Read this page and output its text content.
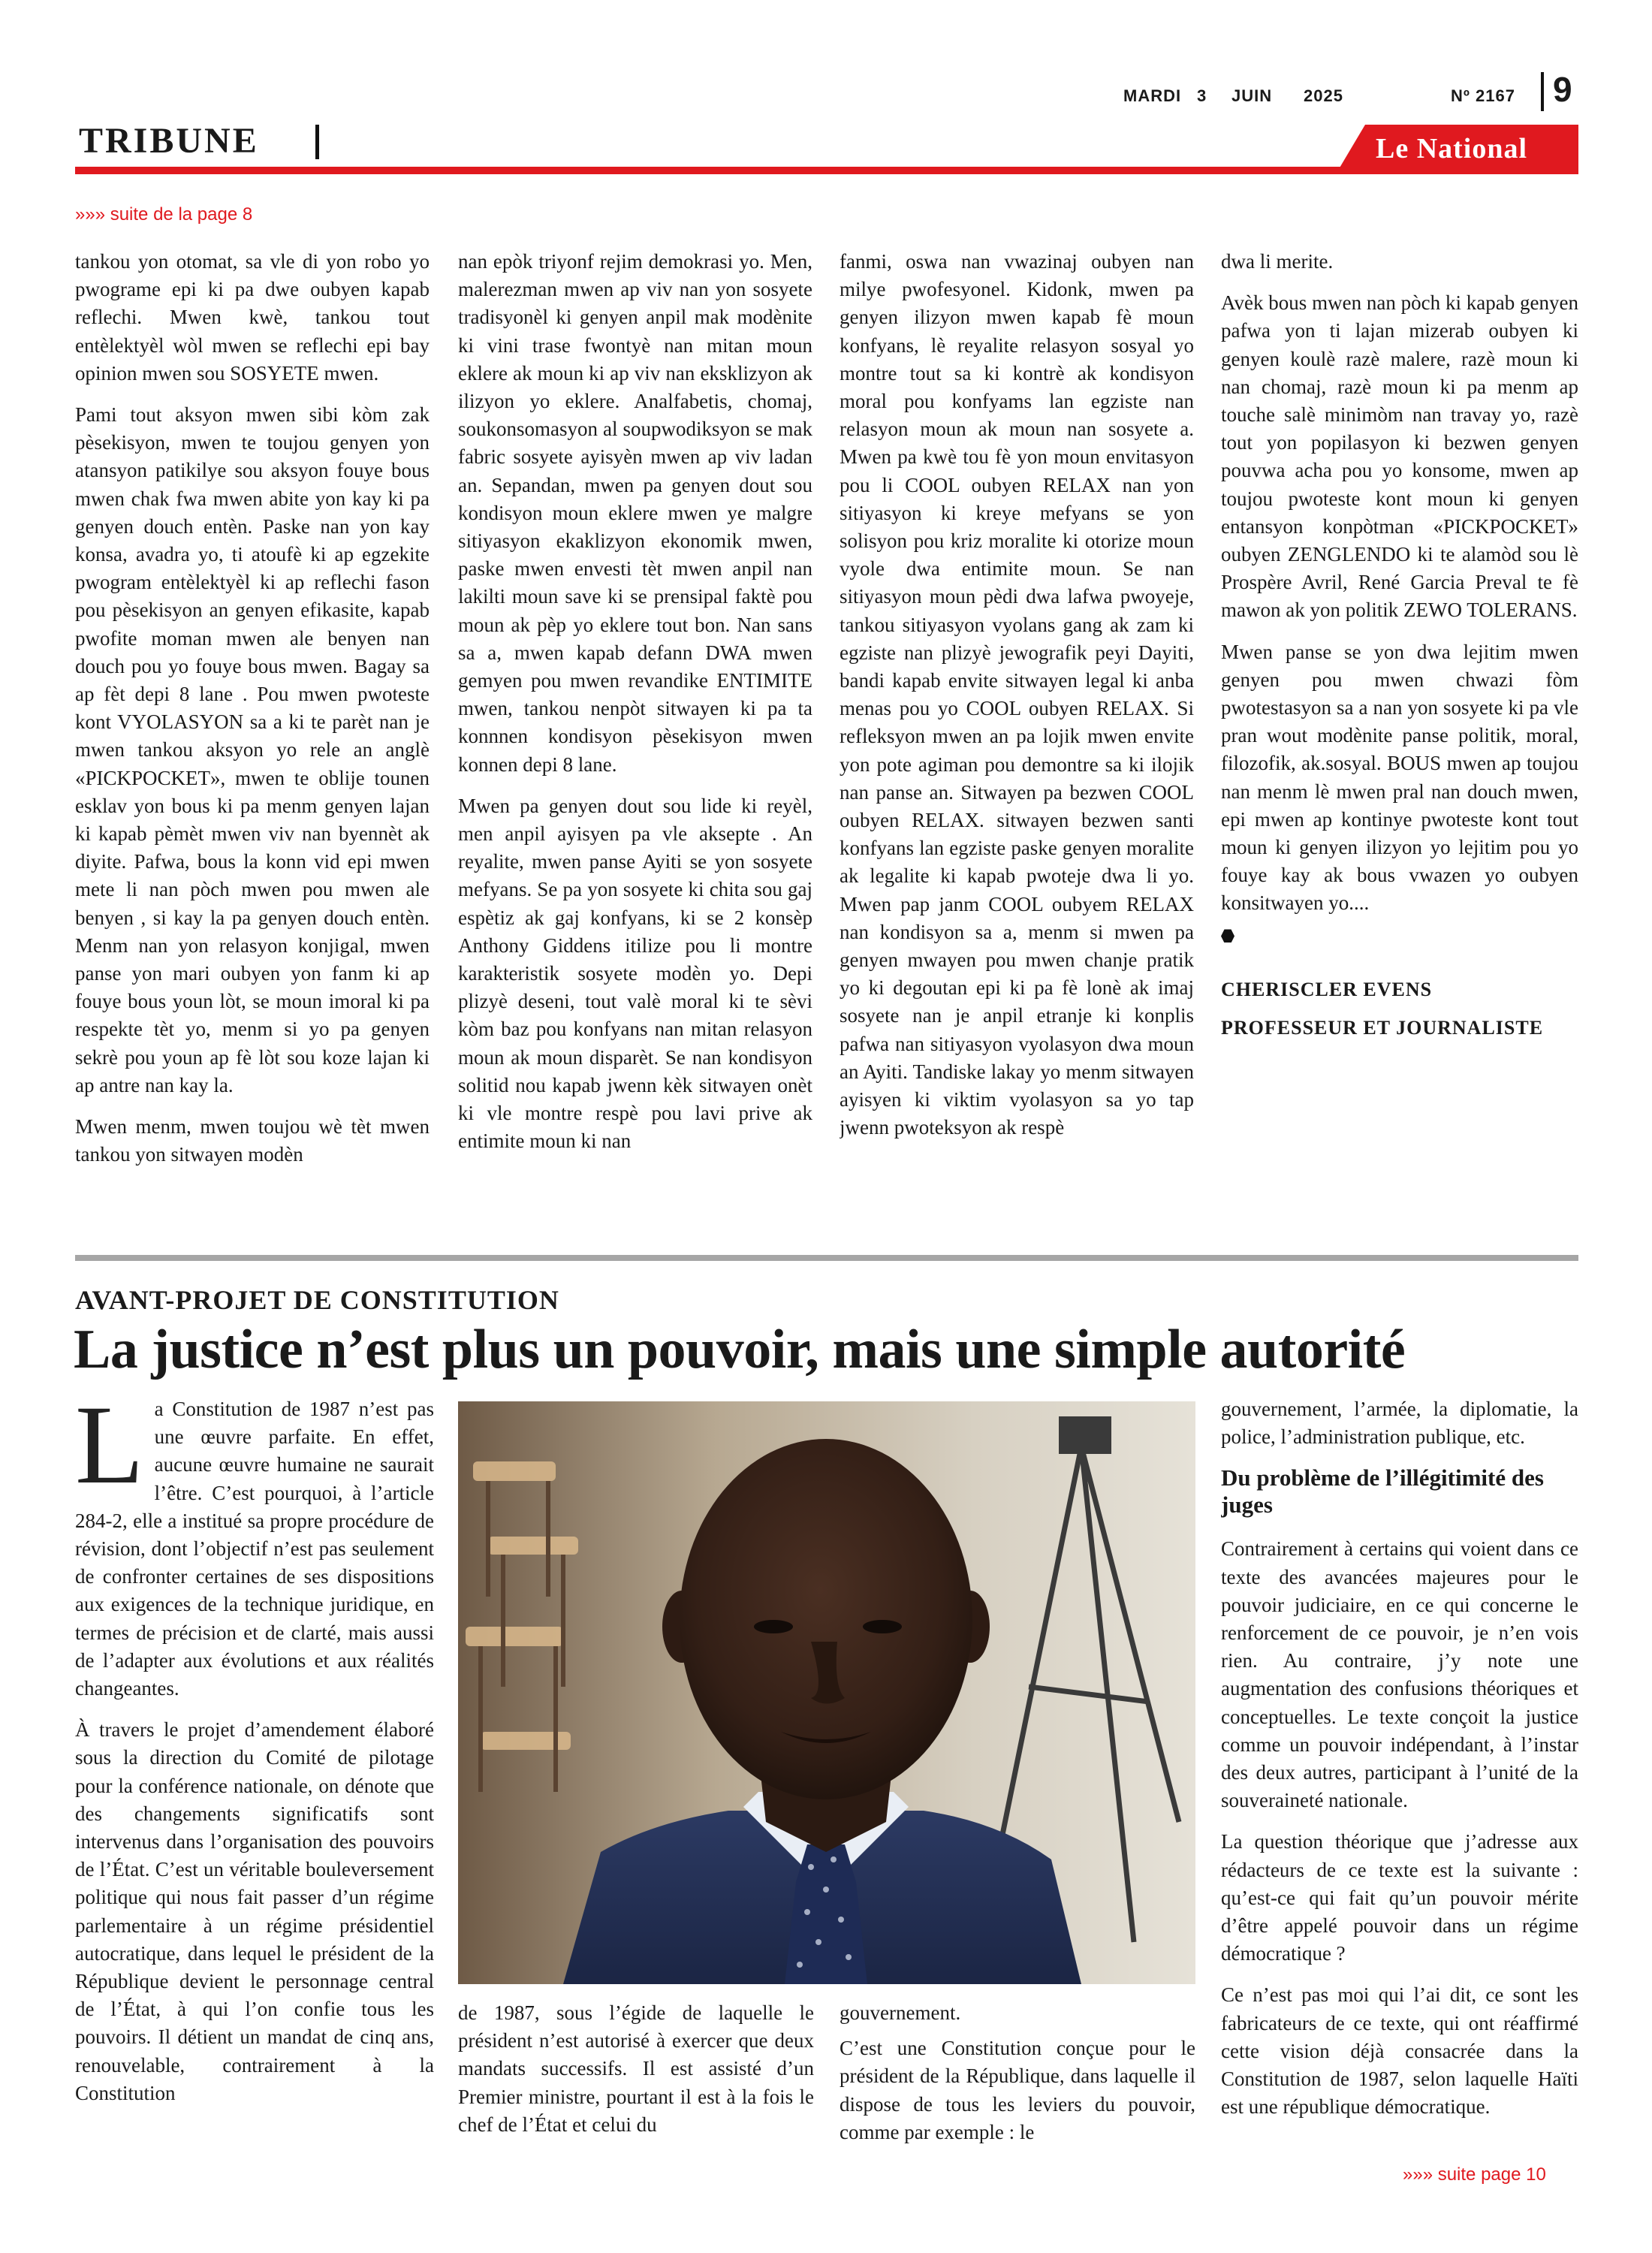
MARDI 3 JUIN 2025	Nº 2167 9
TRIBUNE	Le National
»»» suite de la page 8

tankou yon otomat, sa vle di yon robo yo pwograme epi ki pa dwe oubyen kapab reflechi. Mwen kwè, tankou tout entèlektyèl wòl mwen se reflechi epi bay opinion mwen sou SOSYETE mwen.

Pami tout aksyon mwen sibi kòm zak pèsekisyon, mwen te toujou genyen yon atansyon patikilye sou aksyon fouye bous mwen chak fwa mwen abite yon kay ki pa genyen douch entèn. Paske nan yon kay konsa, avadra yo, ti atoufè ki ap egzekite pwogram entèlektyèl ki ap reflechi fason pou pèsekisyon an genyen efikasite, kapab pwofite moman mwen ale benyen nan douch pou yo fouye bous mwen. Bagay sa ap fèt depi 8 lane . Pou mwen pwoteste kont VYOLASYON sa a ki te parèt nan je mwen tankou aksyon yo rele an anglè «PICKPOCKET», mwen te oblije tounen esklav yon bous ki pa menm genyen lajan ki kapab pèmèt mwen viv nan byennèt ak diyite. Pafwa, bous la konn vid epi mwen mete li nan pòch mwen pou mwen ale benyen , si kay la pa genyen douch entèn. Menm nan yon relasyon konjigal, mwen panse yon mari oubyen yon fanm ki ap fouye bous youn lòt, se moun imoral ki pa respekte tèt yo, menm si yo pa genyen sekrè pou youn ap fè lòt sou koze lajan ki ap antre nan kay la.

Mwen menm, mwen toujou wè tèt mwen tankou yon sitwayen modèn

nan epòk triyonf rejim demokrasi yo. Men, malerezman mwen ap viv nan yon sosyete tradisyonèl ki genyen anpil mak modènite ki vini trase fwontyè nan mitan moun eklere ak moun ki ap viv nan eksklizyon ak ilizyon yo eklere. Analfabetis, chomaj, soukonsomasyon al soupwodiksyon se mak fabric sosyete ayisyèn mwen ap viv ladan an. Sepandan, mwen pa genyen dout sou kondisyon moun eklere mwen ye malgre sitiyasyon ekaklizyon ekonomik mwen, paske mwen envesti tèt mwen anpil nan lakilti moun save ki se prensipal faktè pou moun ak pèp yo eklere tout bon. Nan sans sa a, mwen kapab defann DWA mwen gemyen pou mwen revandike ENTIMITE mwen, tankou nenpòt sitwayen ki pa ta konnnen kondisyon pèsekisyon mwen konnen depi 8 lane.

Mwen pa genyen dout sou lide ki reyèl, men anpil ayisyen pa vle aksepte . An reyalite, mwen panse Ayiti se yon sosyete mefyans. Se pa yon sosyete ki chita sou gaj espètiz ak gaj konfyans, ki se 2 konsèp Anthony Giddens itilize pou li montre karakteristik sosyete modèn yo. Depi plizyè deseni, tout valè moral ki te sèvi kòm baz pou konfyans nan mitan relasyon moun ak moun disparèt. Se nan kondisyon solitid nou kapab jwenn kèk sitwayen onèt ki vle montre respè pou lavi prive ak entimite moun ki nan

fanmi, oswa nan vwazinaj oubyen nan milye pwofesyonel. Kidonk, mwen pa genyen ilizyon mwen kapab fè moun konfyans, lè reyalite relasyon sosyal yo montre tout sa ki kontrè ak kondisyon moral pou konfyams lan egziste nan relasyon moun ak moun nan sosyete a. Mwen pa kwè tou fè yon moun envitasyon pou li COOL oubyen RELAX nan yon sitiyasyon ki kreye mefyans se yon solisyon pou kriz moralite ki otorize moun vyole dwa entimite moun. Se nan sitiyasyon moun pèdi dwa lafwa pwoyeje, tankou sitiyasyon vyolans gang ak zam ki egziste nan plizyè jewografik peyi Dayiti, bandi kapab envite sitwayen legal ki anba menas pou yo COOL oubyen RELAX. Si refleksyon mwen an pa lojik mwen envite yon pote agiman pou demontre sa ki ilojik nan panse an. Sitwayen pa bezwen COOL oubyen RELAX. sitwayen bezwen santi konfyans lan egziste paske genyen moralite ak legalite ki kapab pwoteje dwa li yo. Mwen pap janm COOL oubyem RELAX nan kondisyon sa a, menm si mwen pa genyen mwayen pou mwen chanje pratik yo ki degoutan epi ki pa fè lonè ak imaj sosyete nan je anpil etranje ki konplis pafwa nan sitiyasyon vyolasyon dwa moun an Ayiti. Tandiske lakay yo menm sitwayen ayisyen ki viktim vyolasyon sa yo tap jwenn pwoteksyon ak respè

dwa li merite.

Avèk bous mwen nan pòch ki kapab genyen pafwa yon ti lajan mizerab oubyen ki genyen koulè razè malere, razè moun ki nan chomaj, razè moun ki pa menm ap touche salè minimòm nan travay yo, razè tout yon popilasyon ki bezwen genyen pouvwa acha pou yo konsome, mwen ap toujou pwoteste kont moun ki genyen entansyon konpòtman «PICKPOCKET» oubyen ZENGLENDO ki te alamòd sou lè Prospère Avril, René Garcia Preval te fè mawon ak yon politik ZEWO TOLERANS.

Mwen panse se yon dwa lejitim mwen genyen pou mwen chwazi fòm pwotestasyon sa a nan yon sosyete ki pa vle pran wout modènite panse politik, moral, filozofik, ak.sosyal. BOUS mwen ap toujou nan menm lè mwen pral nan douch mwen, epi mwen ap kontinye pwoteste kont tout moun ki genyen ilizyon yo lejitim pou yo fouye kay ak bous vwazen yo oubyen konsitwayen yo....

CHERISCLER EVENS

PROFESSEUR ET JOURNALISTE

AVANT-PROJET DE CONSTITUTION
La justice n’est plus un pouvoir, mais une simple autorité

La Constitution de 1987 n’est pas une œuvre parfaite. En effet, aucune œuvre humaine ne saurait l’être. C’est pourquoi, à l’article 284-2, elle a institué sa propre procédure de révision, dont l’objectif n’est pas seulement de confronter certaines de ses dispositions aux exigences de la technique juridique, en termes de précision et de clarté, mais aussi de l’adapter aux évolutions et aux réalités changeantes.

À travers le projet d’amendement élaboré sous la direction du Comité de pilotage pour la conférence nationale, on dénote que des changements significatifs sont intervenus dans l’organisation des pouvoirs de l’État. C’est un véritable bouleversement politique qui nous fait passer d’un régime parlementaire à un régime présidentiel autocratique, dans lequel le président de la République devient le personnage central de l’État, à qui l’on confie tous les pouvoirs. Il détient un mandat de cinq ans, renouvelable, contrairement à la Constitution

de 1987, sous l’égide de laquelle le président n’est autorisé à exercer que deux mandats successifs. Il est assisté d’un Premier ministre, pourtant il est à la fois le chef de l’État et celui du

gouvernement.

C’est une Constitution conçue pour le président de la République, dans laquelle il dispose de tous les leviers du pouvoir, comme par exemple : le

gouvernement, l’armée, la diplomatie, la police, l’administration publique, etc.

Du problème de l’illégitimité des juges

Contrairement à certains qui voient dans ce texte des avancées majeures pour le pouvoir judiciaire, en ce qui concerne le renforcement de ce pouvoir, je n’en vois rien. Au contraire, j’y note une augmentation des confusions théoriques et conceptuelles. Le texte conçoit la justice comme un pouvoir indépendant, à l’instar des deux autres, participant à l’unité de la souveraineté nationale.

La question théorique que j’adresse aux rédacteurs de ce texte est la suivante : qu’est-ce qui fait qu’un pouvoir mérite d’être appelé pouvoir dans un régime démocratique ?

Ce n’est pas moi qui l’ai dit, ce sont les fabricateurs de ce texte, qui ont réaffirmé cette vision déjà consacrée dans la Constitution de 1987, selon laquelle Haïti est une république démocratique.

»»» suite page 10
